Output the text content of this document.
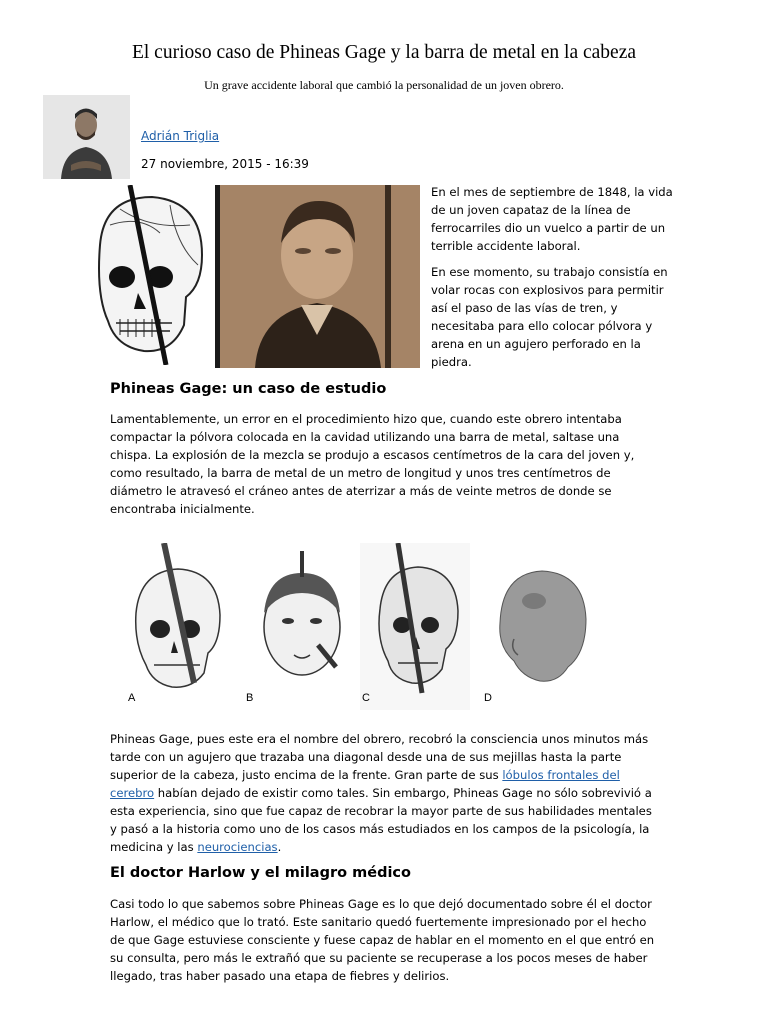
El curioso caso de Phineas Gage y la barra de metal en la cabeza
Un grave accidente laboral que cambió la personalidad de un joven obrero.
Adrián Triglia
27 noviembre, 2015 - 16:39

En el mes de septiembre de 1848, la vida de un joven capataz de la línea de ferrocarriles dio un vuelco a partir de un terrible accidente laboral.

En ese momento, su trabajo consistía en volar rocas con explosivos para permitir así el paso de las vías de tren, y necesitaba para ello colocar pólvora y arena en un agujero perforado en la piedra.

Phineas Gage: un caso de estudio

Lamentablemente, un error en el procedimiento hizo que, cuando este obrero intentaba compactar la pólvora colocada en la cavidad utilizando una barra de metal, saltase una chispa. La explosión de la mezcla se produjo a escasos centímetros de la cara del joven y, como resultado, la barra de metal de un metro de longitud y unos tres centímetros de diámetro le atravesó el cráneo antes de aterrizar a más de veinte metros de donde se encontraba inicialmente.

A	B	C	D

Phineas Gage, pues este era el nombre del obrero, recobró la consciencia unos minutos más tarde con un agujero que trazaba una diagonal desde una de sus mejillas hasta la parte superior de la cabeza, justo encima de la frente. Gran parte de sus lóbulos frontales del cerebro habían dejado de existir como tales. Sin embargo, Phineas Gage no sólo sobrevivió a esta experiencia, sino que fue capaz de recobrar la mayor parte de sus habilidades mentales y pasó a la historia como uno de los casos más estudiados en los campos de la psicología, la medicina y las neurociencias.

El doctor Harlow y el milagro médico

Casi todo lo que sabemos sobre Phineas Gage es lo que dejó documentado sobre él el doctor Harlow, el médico que lo trató. Este sanitario quedó fuertemente impresionado por el hecho de que Gage estuviese consciente y fuese capaz de hablar en el momento en el que entró en su consulta, pero más le extrañó que su paciente se recuperase a los pocos meses de haber llegado, tras haber pasado una etapa de fiebres y delirios.
